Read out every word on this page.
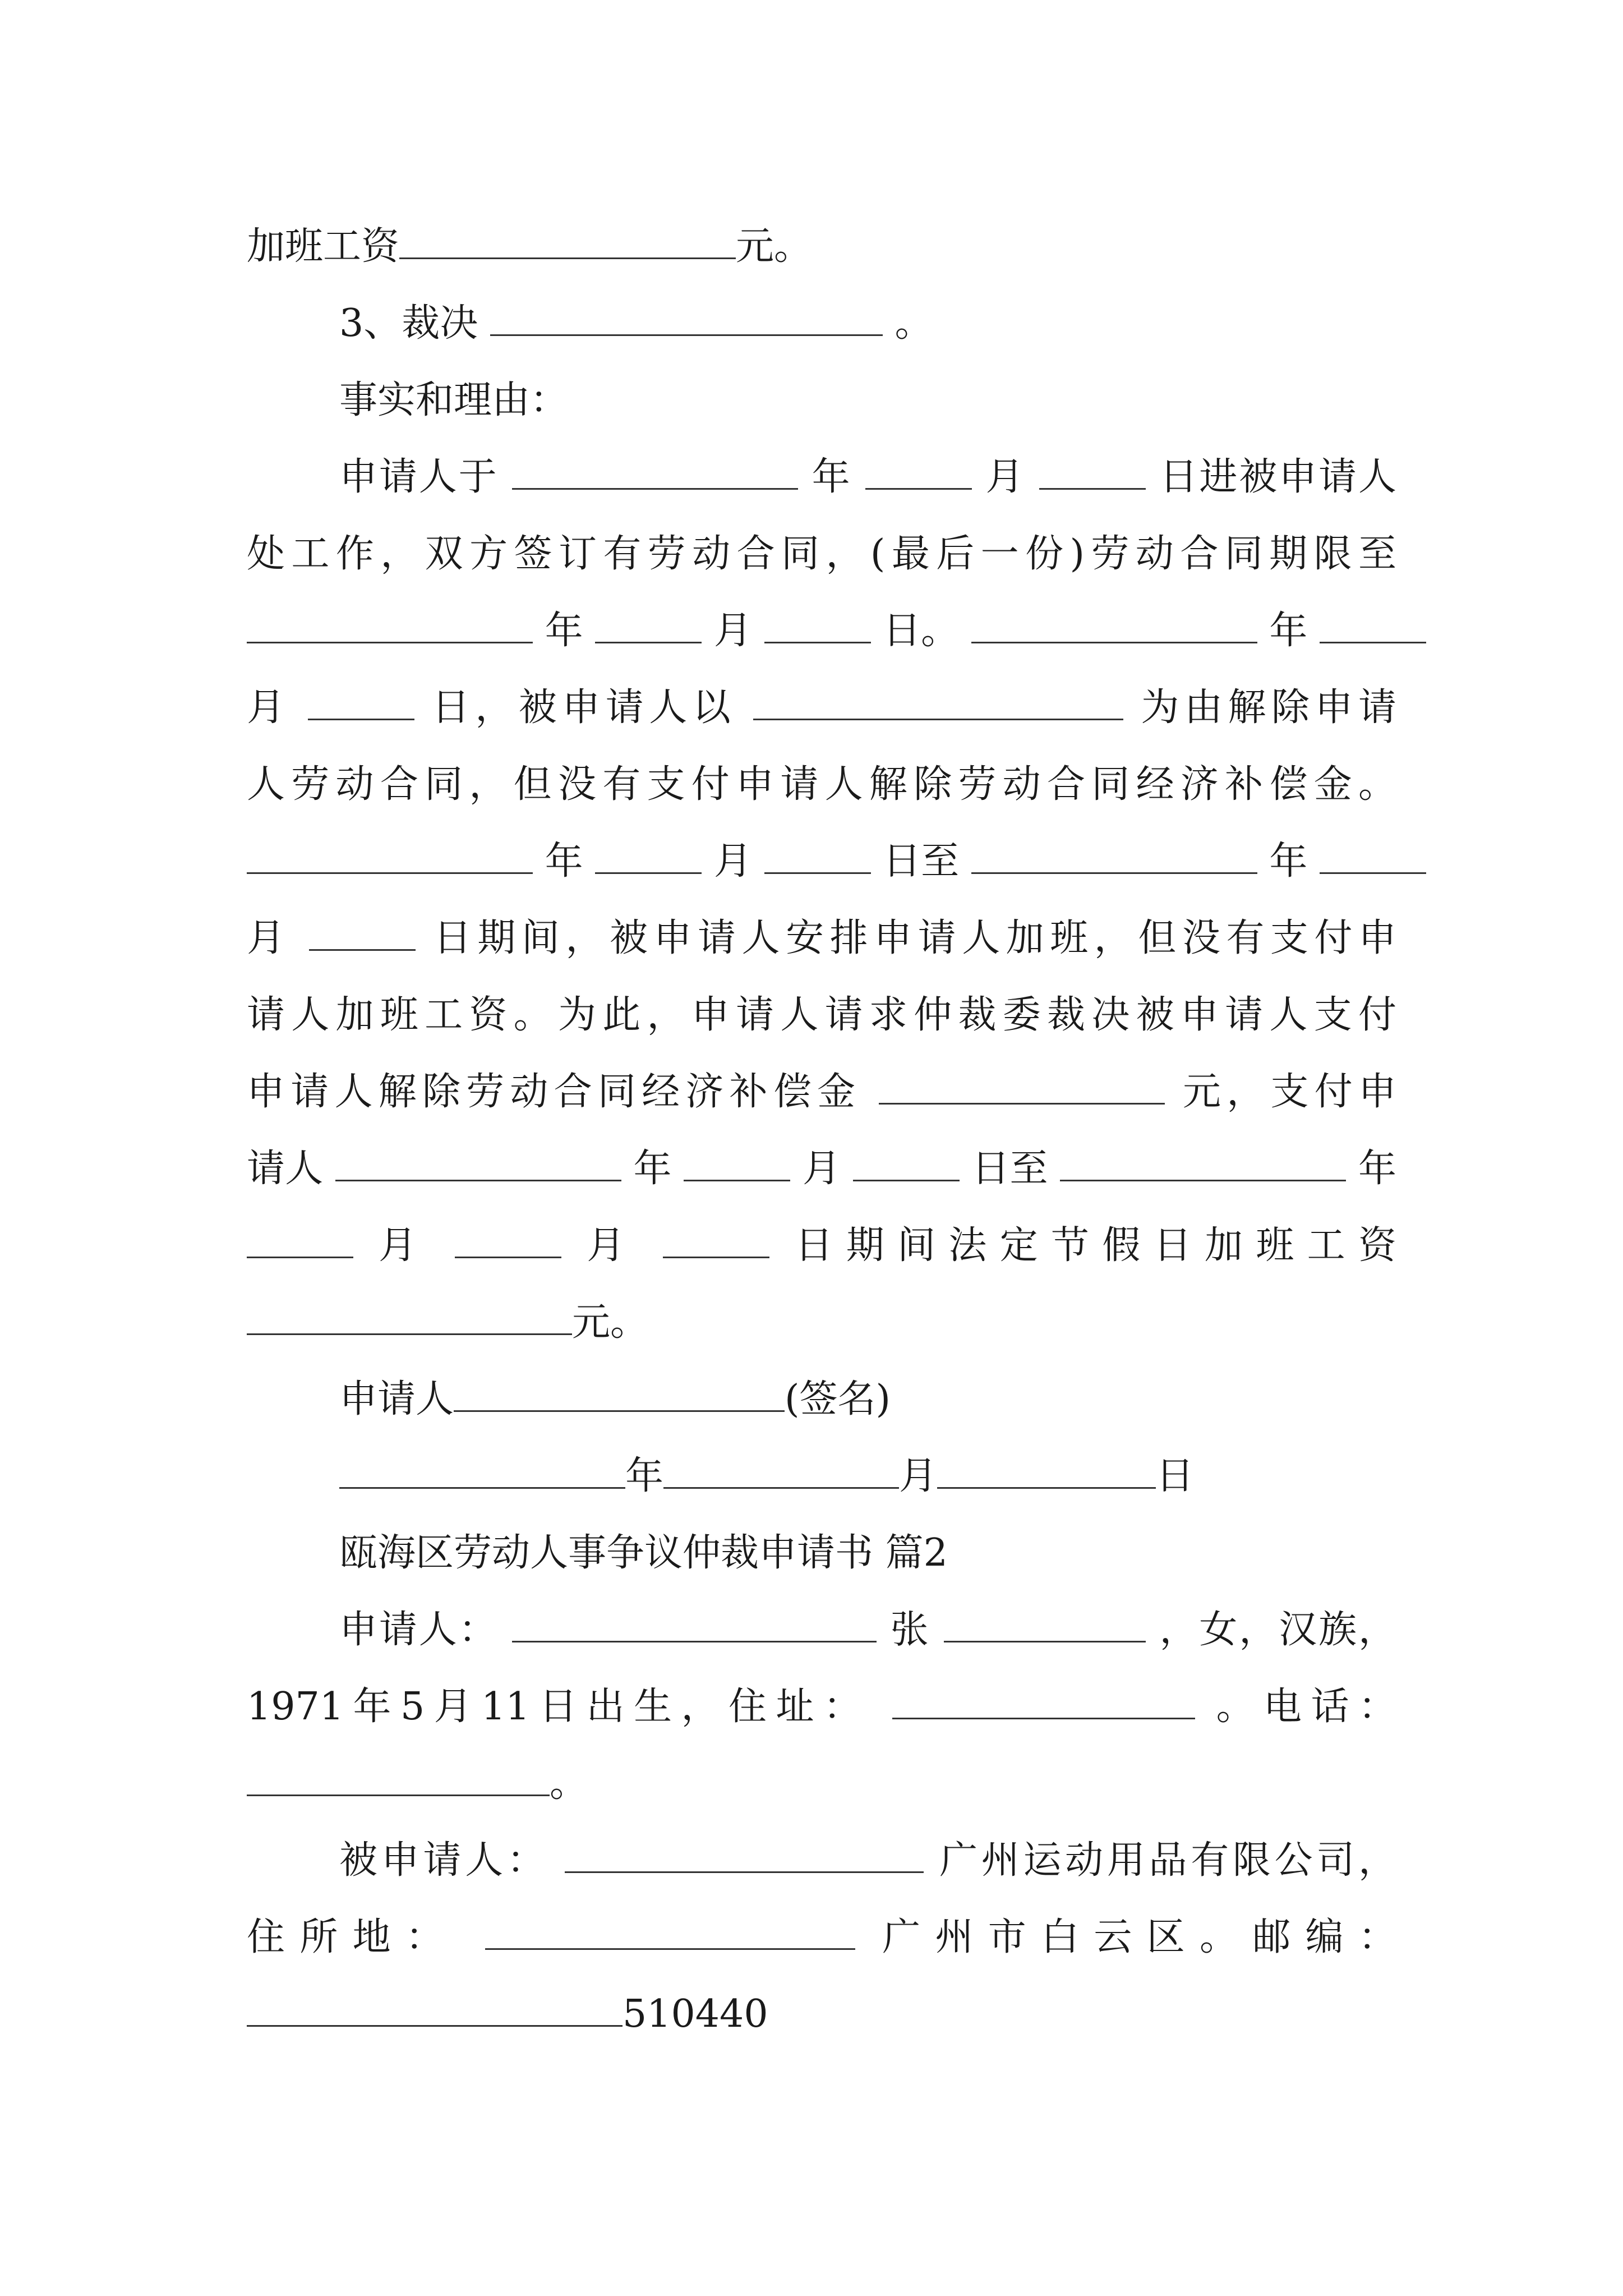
加班工资	元。
3、裁决	。
事实和理由：
申请人于	年	月	日进被申请人
处工作，双方签订有劳动合同，(最后一份)劳动合同期限至
年	月	日。	年
月	日，被申请人以	为由解除申请
人劳动合同，但没有支付申请人解除劳动合同经济补偿金。
年	月	日至	年
月	日期间，被申请人安排申请人加班，但没有支付申
请人加班工资。为此，申请人请求仲裁委裁决被申请人支付
申请人解除劳动合同经济补偿金	元，支付申
请人	年	月	日至	年
月	月	日期间法定节假日加班工资
元。
申请人	(签名)
年	月	日
瓯海区劳动人事争议仲裁申请书 篇2
申请人：	张	，女，汉族，
1971年5月11日出生，住址：	。电话：
。
被申请人：	广州运动用品有限公司，
住所地：	广州市白云区。邮编：
510440
